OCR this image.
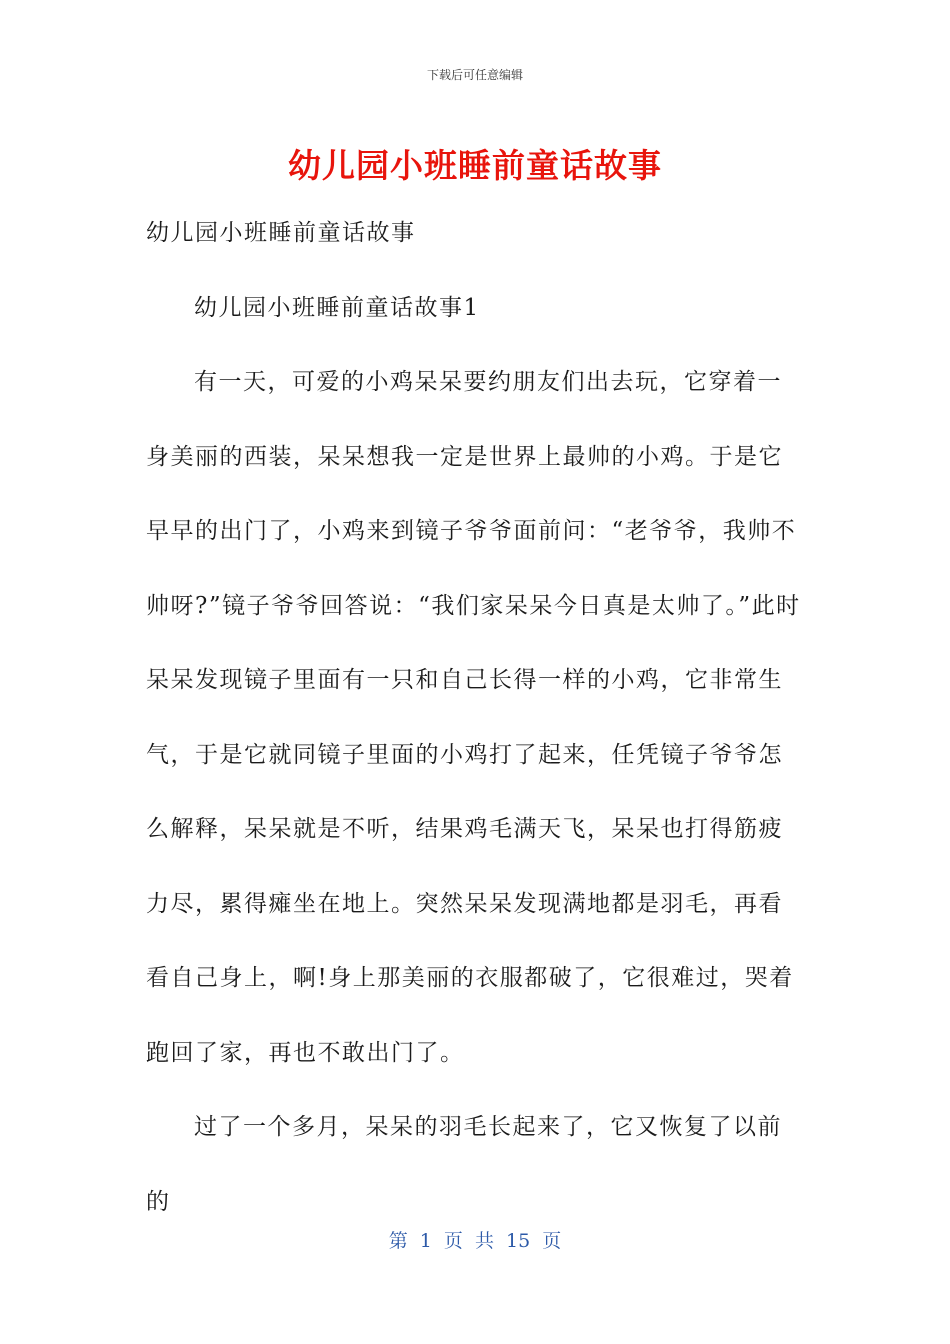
下载后可任意编辑
幼儿园小班睡前童话故事

幼儿园小班睡前童话故事

幼儿园小班睡前童话故事1

有一天，可爱的小鸡呆呆要约朋友们出去玩，它穿着一身美丽的西装，呆呆想我一定是世界上最帅的小鸡。于是它早早的出门了，小鸡来到镜子爷爷面前问：“老爷爷，我帅不帅呀?”镜子爷爷回答说：“我们家呆呆今日真是太帅了。”此时呆呆发现镜子里面有一只和自己长得一样的小鸡，它非常生气，于是它就同镜子里面的小鸡打了起来，任凭镜子爷爷怎么解释，呆呆就是不听，结果鸡毛满天飞，呆呆也打得筋疲力尽，累得瘫坐在地上。突然呆呆发现满地都是羽毛，再看看自己身上，啊!身上那美丽的衣服都破了，它很难过，哭着跑回了家，再也不敢出门了。

过了一个多月，呆呆的羽毛长起来了，它又恢复了以前的

第 1 页 共 15 页
